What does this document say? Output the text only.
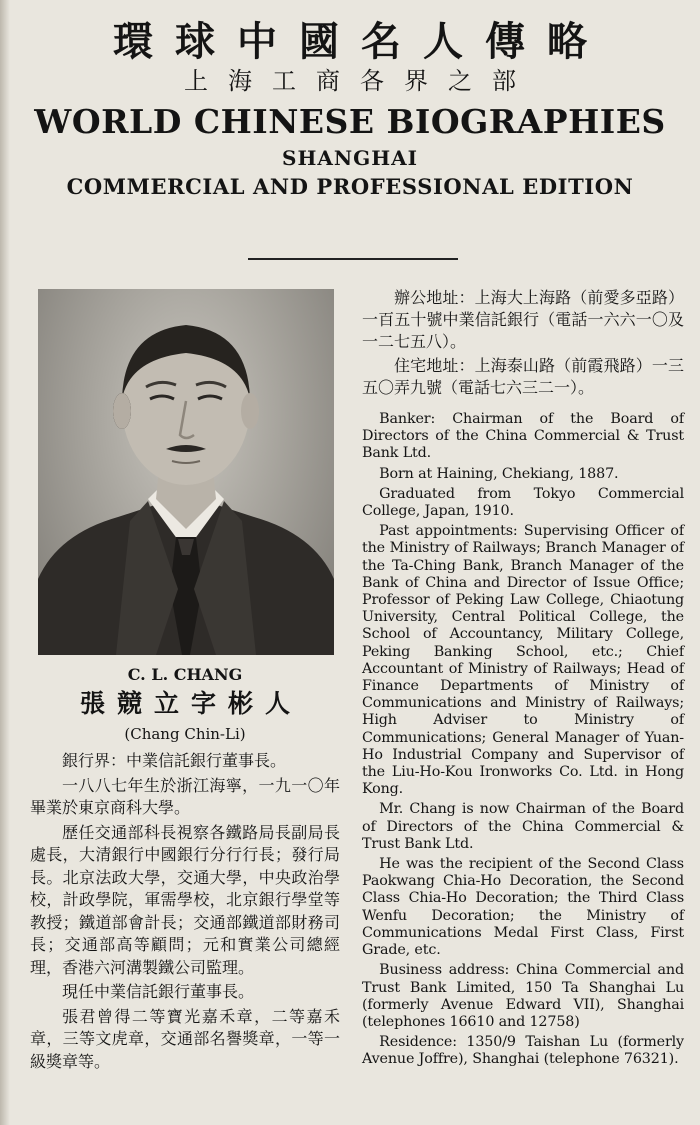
環球中國名人傳略
上海工商各界之部
WORLD CHINESE BIOGRAPHIES
SHANGHAI
COMMERCIAL AND PROFESSIONAL EDITION
C. L. CHANG
張競立字彬人
(Chang Chin-Li)

銀行界：中業信託銀行董事長。

一八八七年生於浙江海寧，一九一〇年畢業於東京商科大學。

歷任交通部科長視察各鐵路局長副局長處長，大清銀行中國銀行分行行長；發行局長。北京法政大學，交通大學，中央政治學校，計政學院，軍需學校，北京銀行學堂等教授；鐵道部會計長；交通部鐵道部財務司長；交通部高等顧問；元和實業公司總經理，香港六河溝製鐵公司監理。

現任中業信託銀行董事長。

張君曾得二等寶光嘉禾章，二等嘉禾章，三等文虎章，交通部名譽獎章，一等一級獎章等。

辦公地址：上海大上海路（前愛多亞路）一百五十號中業信託銀行（電話一六六一〇及一二七五八）。

住宅地址：上海泰山路（前霞飛路）一三五〇弄九號（電話七六三二一）。

Banker: Chairman of the Board of Directors of the China Commercial & Trust Bank Ltd.

Born at Haining, Chekiang, 1887.

Graduated from Tokyo Commercial College, Japan, 1910.

Past appointments: Supervising Officer of the Ministry of Railways; Branch Manager of the Ta-Ching Bank, Branch Manager of the Bank of China and Director of Issue Office; Professor of Peking Law College, Chiaotung University, Central Political College, the School of Accountancy, Military College, Peking Banking School, etc.; Chief Accountant of Ministry of Railways; Head of Finance Departments of Ministry of Communications and Ministry of Railways; High Adviser to Ministry of Communications; General Manager of Yuan-Ho Industrial Company and Supervisor of the Liu-Ho-Kou Ironworks Co. Ltd. in Hong Kong.

Mr. Chang is now Chairman of the Board of Directors of the China Commercial & Trust Bank Ltd.

He was the recipient of the Second Class Paokwang Chia-Ho Decoration, the Second Class Chia-Ho Decoration; the Third Class Wenfu Decoration; the Ministry of Communications Medal First Class, First Grade, etc.

Business address: China Commercial and Trust Bank Limited, 150 Ta Shanghai Lu (formerly Avenue Edward VII), Shanghai (telephones 16610 and 12758)

Residence: 1350/9 Taishan Lu (formerly Avenue Joffre), Shanghai (telephone 76321).
